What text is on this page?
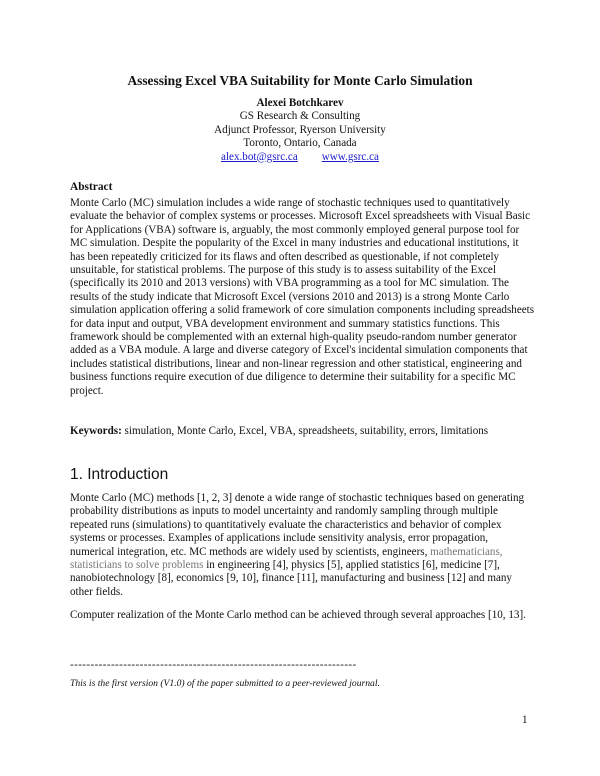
Assessing Excel VBA Suitability for Monte Carlo Simulation
Alexei Botchkarev
GS Research & Consulting
Adjunct Professor, Ryerson University
Toronto, Ontario, Canada
alex.bot@gsrc.ca www.gsrc.ca
Abstract
Monte Carlo (MC) simulation includes a wide range of stochastic techniques used to quantitatively evaluate the behavior of complex systems or processes. Microsoft Excel spreadsheets with Visual Basic for Applications (VBA) software is, arguably, the most commonly employed general purpose tool for MC simulation. Despite the popularity of the Excel in many industries and educational institutions, it has been repeatedly criticized for its flaws and often described as questionable, if not completely unsuitable, for statistical problems. The purpose of this study is to assess suitability of the Excel (specifically its 2010 and 2013 versions) with VBA programming as a tool for MC simulation. The results of the study indicate that Microsoft Excel (versions 2010 and 2013) is a strong Monte Carlo simulation application offering a solid framework of core simulation components including spreadsheets for data input and output, VBA development environment and summary statistics functions. This framework should be complemented with an external high-quality pseudo-random number generator added as a VBA module. A large and diverse category of Excel's incidental simulation components that includes statistical distributions, linear and non-linear regression and other statistical, engineering and business functions require execution of due diligence to determine their suitability for a specific MC project.
Keywords: simulation, Monte Carlo, Excel, VBA, spreadsheets, suitability, errors, limitations
1. Introduction
Monte Carlo (MC) methods [1, 2, 3] denote a wide range of stochastic techniques based on generating probability distributions as inputs to model uncertainty and randomly sampling through multiple repeated runs (simulations) to quantitatively evaluate the characteristics and behavior of complex systems or processes. Examples of applications include sensitivity analysis, error propagation, numerical integration, etc. MC methods are widely used by scientists, engineers, mathematicians, statisticians to solve problems in engineering [4], physics [5], applied statistics [6], medicine [7], nanobiotechnology [8], economics [9, 10], finance [11], manufacturing and business [12] and many other fields.
Computer realization of the Monte Carlo method can be achieved through several approaches [10, 13].
----------------------------------------------------------------------
This is the first version (V1.0) of the paper submitted to a peer-reviewed journal.
1
